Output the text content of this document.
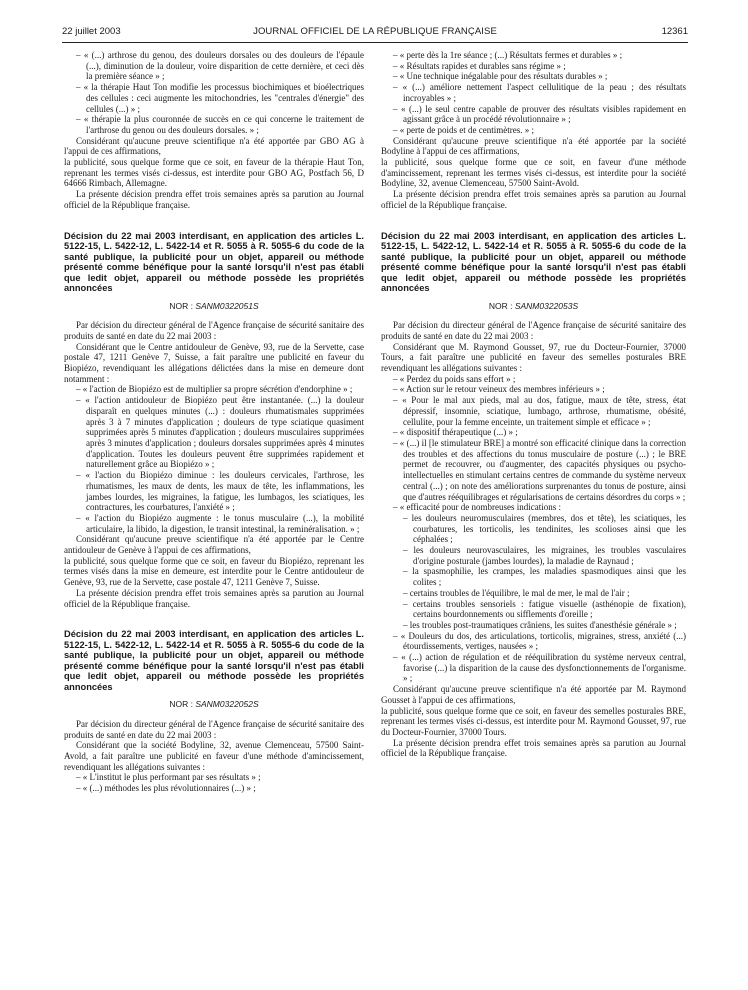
22 juillet 2003	JOURNAL OFFICIEL DE LA RÉPUBLIQUE FRANÇAISE	12361

– « (...) arthrose du genou, des douleurs dorsales ou des douleurs de l'épaule (...), diminution de la douleur, voire disparition de cette dernière, et ceci dès la première séance » ;

– « la thérapie Haut Ton modifie les processus biochimiques et bioélectriques des cellules : ceci augmente les mitochondries, les "centrales d'énergie" des cellules (...) » ;

– « thérapie la plus couronnée de succès en ce qui concerne le traitement de l'arthrose du genou ou des douleurs dorsales. » ;

Considérant qu'aucune preuve scientifique n'a été apportée par GBO AG à l'appui de ces affirmations,

la publicité, sous quelque forme que ce soit, en faveur de la thérapie Haut Ton, reprenant les termes visés ci-dessus, est interdite pour GBO AG, Postfach 56, D 64666 Rimbach, Allemagne.

La présente décision prendra effet trois semaines après sa parution au Journal officiel de la République française.

Décision du 22 mai 2003 interdisant, en application des articles L. 5122-15, L. 5422-12, L. 5422-14 et R. 5055 à R. 5055-6 du code de la santé publique, la publicité pour un objet, appareil ou méthode présenté comme bénéfique pour la santé lorsqu'il n'est pas établi que ledit objet, appareil ou méthode possède les propriétés annoncées

NOR : SANM0322051S

Par décision du directeur général de l'Agence française de sécurité sanitaire des produits de santé en date du 22 mai 2003 :

Considérant que le Centre antidouleur de Genève, 93, rue de la Servette, case postale 47, 1211 Genève 7, Suisse, a fait paraître une publicité en faveur du Biopiézo, revendiquant les allégations délictées dans la mise en demeure dont notamment :

– « l'action de Biopiézo est de multiplier sa propre sécrétion d'endorphine » ;

– « l'action antidouleur de Biopiézo peut être instantanée. (...) la douleur disparaît en quelques minutes (...) : douleurs rhumatismales supprimées après 3 à 7 minutes d'application ; douleurs de type sciatique quasiment supprimées après 5 minutes d'application ; douleurs musculaires supprimées après 3 minutes d'application ; douleurs dorsales supprimées après 4 minutes d'application. Toutes les douleurs peuvent être supprimées rapidement et naturellement grâce au Biopiézo » ;

– « l'action du Biopiézo diminue : les douleurs cervicales, l'arthrose, les rhumatismes, les maux de dents, les maux de tête, les inflammations, les jambes lourdes, les migraines, la fatigue, les lumbagos, les sciatiques, les contractures, les courbatures, l'anxiété » ;

– « l'action du Biopiézo augmente : le tonus musculaire (...), la mobilité articulaire, la libido, la digestion, le transit intestinal, la reminéralisation. » ;

Considérant qu'aucune preuve scientifique n'a été apportée par le Centre antidouleur de Genève à l'appui de ces affirmations,

la publicité, sous quelque forme que ce soit, en faveur du Biopiézo, reprenant les termes visés dans la mise en demeure, est interdite pour le Centre antidouleur de Genève, 93, rue de la Servette, case postale 47, 1211 Genève 7, Suisse.

La présente décision prendra effet trois semaines après sa parution au Journal officiel de la République française.

Décision du 22 mai 2003 interdisant, en application des articles L. 5122-15, L. 5422-12, L. 5422-14 et R. 5055 à R. 5055-6 du code de la santé publique, la publicité pour un objet, appareil ou méthode présenté comme bénéfique pour la santé lorsqu'il n'est pas établi que ledit objet, appareil ou méthode possède les propriétés annoncées

NOR : SANM0322052S

Par décision du directeur général de l'Agence française de sécurité sanitaire des produits de santé en date du 22 mai 2003 :

Considérant que la société Bodyline, 32, avenue Clemenceau, 57500 Saint-Avold, a fait paraître une publicité en faveur d'une méthode d'amincissement, revendiquant les allégations suivantes :

– « L'institut le plus performant par ses résultats » ;

– « (...) méthodes les plus révolutionnaires (...) » ;

– « perte dès la 1re séance ; (...) Résultats fermes et durables » ;

– « Résultats rapides et durables sans régime » ;

– « Une technique inégalable pour des résultats durables » ;

– « (...) améliore nettement l'aspect cellulitique de la peau ; des résultats incroyables » ;

– « (...) le seul centre capable de prouver des résultats visibles rapidement en agissant grâce à un procédé révolutionnaire » ;

– « perte de poids et de centimètres. » ;

Considérant qu'aucune preuve scientifique n'a été apportée par la société Bodyline à l'appui de ces affirmations,

la publicité, sous quelque forme que ce soit, en faveur d'une méthode d'amincissement, reprenant les termes visés ci-dessus, est interdite pour la société Bodyline, 32, avenue Clemenceau, 57500 Saint-Avold.

La présente décision prendra effet trois semaines après sa parution au Journal officiel de la République française.

Décision du 22 mai 2003 interdisant, en application des articles L. 5122-15, L. 5422-12, L. 5422-14 et R. 5055 à R. 5055-6 du code de la santé publique, la publicité pour un objet, appareil ou méthode présenté comme bénéfique pour la santé lorsqu'il n'est pas établi que ledit objet, appareil ou méthode possède les propriétés annoncées

NOR : SANM0322053S

Par décision du directeur général de l'Agence française de sécurité sanitaire des produits de santé en date du 22 mai 2003 :

Considérant que M. Raymond Gousset, 97, rue du Docteur-Fournier, 37000 Tours, a fait paraître une publicité en faveur des semelles posturales BRE revendiquant les allégations suivantes :

– « Perdez du poids sans effort » ;

– « Action sur le retour veineux des membres inférieurs » ;

– « Pour le mal aux pieds, mal au dos, fatigue, maux de tête, stress, état dépressif, insomnie, sciatique, lumbago, arthrose, rhumatisme, obésité, cellulite, pour la femme enceinte, un traitement simple et efficace » ;

– « dispositif thérapeutique (...) » ;

– « (...) il [le stimulateur BRE] a montré son efficacité clinique dans la correction des troubles et des affections du tonus musculaire de posture (...) ; le BRE permet de recouvrer, ou d'augmenter, des capacités physiques ou psycho-intellectuelles en stimulant certains centres de commande du système nerveux central (...) ; on note des améliorations surprenantes du tonus de posture, ainsi que d'autres rééquilibrages et régularisations de certains désordres du corps » ;

– « efficacité pour de nombreuses indications :

– les douleurs neuromusculaires (membres, dos et tête), les sciatiques, les courbatures, les torticolis, les tendinites, les scolioses ainsi que les céphalées ;

– les douleurs neurovasculaires, les migraines, les troubles vasculaires d'origine posturale (jambes lourdes), la maladie de Raynaud ;

– la spasmophilie, les crampes, les maladies spasmodiques ainsi que les colites ;

– certains troubles de l'équilibre, le mal de mer, le mal de l'air ;

– certains troubles sensoriels : fatigue visuelle (asthénopie de fixation), certains bourdonnements ou sifflements d'oreille ;

– les troubles post-traumatiques crâniens, les suites d'anesthésie générale » ;

– « Douleurs du dos, des articulations, torticolis, migraines, stress, anxiété (...) étourdissements, vertiges, nausées » ;

– « (...) action de régulation et de rééquilibration du système nerveux central, favorise (...) la disparition de la cause des dysfonctionnements de l'organisme. » ;

Considérant qu'aucune preuve scientifique n'a été apportée par M. Raymond Gousset à l'appui de ces affirmations,

la publicité, sous quelque forme que ce soit, en faveur des semelles posturales BRE, reprenant les termes visés ci-dessus, est interdite pour M. Raymond Gousset, 97, rue du Docteur-Fournier, 37000 Tours.

La présente décision prendra effet trois semaines après sa parution au Journal officiel de la République française.
